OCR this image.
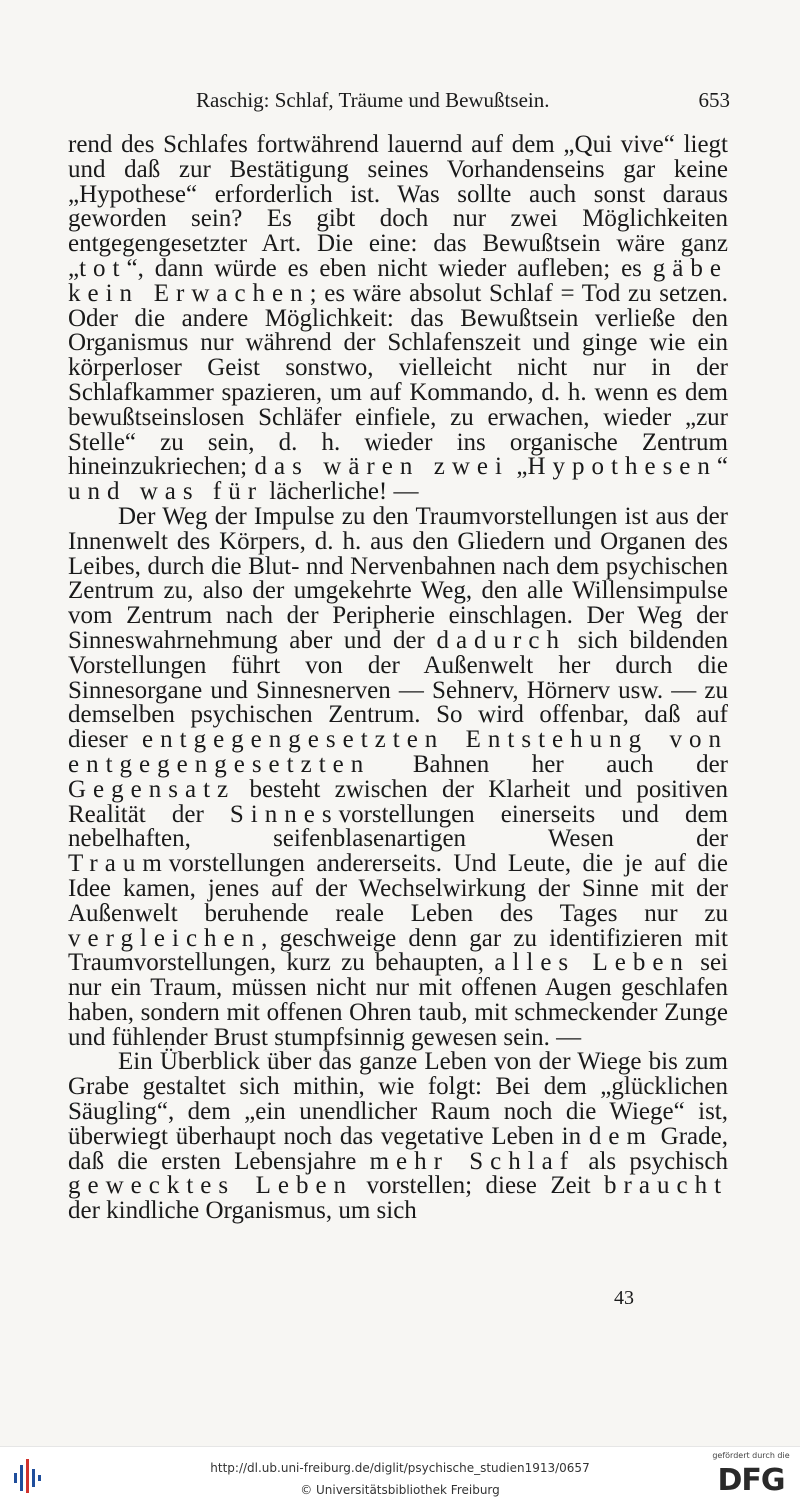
Raschig: Schlaf, Träume und Bewußtsein.	653

rend des Schlafes fortwährend lauernd auf dem „Qui vive“ liegt und daß zur Bestätigung seines Vorhandenseins gar keine „Hypothese“ erforderlich ist. Was sollte auch sonst daraus geworden sein? Es gibt doch nur zwei Möglichkeiten entgegengesetzter Art. Die eine: das Bewußtsein wäre ganz „tot“, dann würde es eben nicht wieder aufleben; es gäbe kein Erwachen; es wäre absolut Schlaf = Tod zu setzen. Oder die andere Möglichkeit: das Bewußtsein verließe den Organismus nur während der Schlafenszeit und ginge wie ein körperloser Geist sonstwo, vielleicht nicht nur in der Schlafkammer spazieren, um auf Kommando, d. h. wenn es dem bewußtseinslosen Schläfer einfiele, zu erwachen, wieder „zur Stelle“ zu sein, d. h. wieder ins organische Zentrum hineinzukriechen; das wären zwei „Hypothesen“ und was für lächerliche! —

Der Weg der Impulse zu den Traumvorstellungen ist aus der Innenwelt des Körpers, d. h. aus den Gliedern und Organen des Leibes, durch die Blut- nnd Nervenbahnen nach dem psychischen Zentrum zu, also der umgekehrte Weg, den alle Willensimpulse vom Zentrum nach der Peripherie einschlagen. Der Weg der Sinneswahrnehmung aber und der dadurch sich bildenden Vorstellungen führt von der Außenwelt her durch die Sinnesorgane und Sinnesnerven — Sehnerv, Hörnerv usw. — zu demselben psychischen Zentrum. So wird offenbar, daß auf dieser entgegengesetzten Entstehung von entgegengesetzten Bahnen her auch der Gegensatz besteht zwischen der Klarheit und positiven Realität der Sinnesvorstellungen einerseits und dem nebelhaften, seifenblasenartigen Wesen der Traumvorstellungen andererseits. Und Leute, die je auf die Idee kamen, jenes auf der Wechselwirkung der Sinne mit der Außenwelt beruhende reale Leben des Tages nur zu vergleichen, geschweige denn gar zu identifizieren mit Traumvorstellungen, kurz zu behaupten, alles Leben sei nur ein Traum, müssen nicht nur mit offenen Augen geschlafen haben, sondern mit offenen Ohren taub, mit schmeckender Zunge und fühlender Brust stumpfsinnig gewesen sein. —

Ein Überblick über das ganze Leben von der Wiege bis zum Grabe gestaltet sich mithin, wie folgt: Bei dem „glücklichen Säugling“, dem „ein unendlicher Raum noch die Wiege“ ist, überwiegt überhaupt noch das vegetative Leben in dem Grade, daß die ersten Lebensjahre mehr Schlaf als psychisch gewecktes Leben vorstellen; diese Zeit braucht der kindliche Organismus, um sich

43
http://dl.ub.uni-freiburg.de/diglit/psychische_studien1913/0657
© Universitätsbibliothek Freiburg
gefördert durch die
DFG
